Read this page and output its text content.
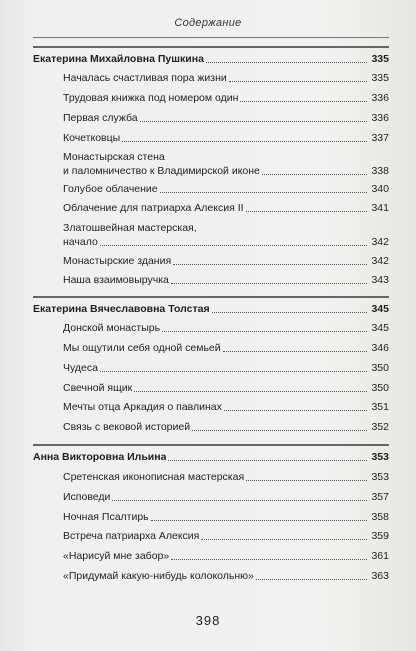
Содержание
Екатерина Михайловна Пушкина	335
Началась счастливая пора жизни	335
Трудовая книжка под номером один	336
Первая служба	336
Кочетковцы	337
Монастырская стена
и паломничество к Владимирской иконе	338
Голубое облачение	340
Облачение для патриарха Алексия II	341
Златошвейная мастерская,
начало	342
Монастырские здания	342
Наша взаимовыручка	343
Екатерина Вячеславовна Толстая	345
Донской монастырь	345
Мы ощутили себя одной семьей	346
Чудеса	350
Свечной ящик	350
Мечты отца Аркадия о павлинах	351
Связь с вековой историей	352
Анна Викторовна Ильина	353
Сретенская иконописная мастерская	353
Исповеди	357
Ночная Псалтирь	358
Встреча патриарха Алексия	359
«Нарисуй мне забор»	361
«Придумай какую-нибудь колокольню»	363
398
